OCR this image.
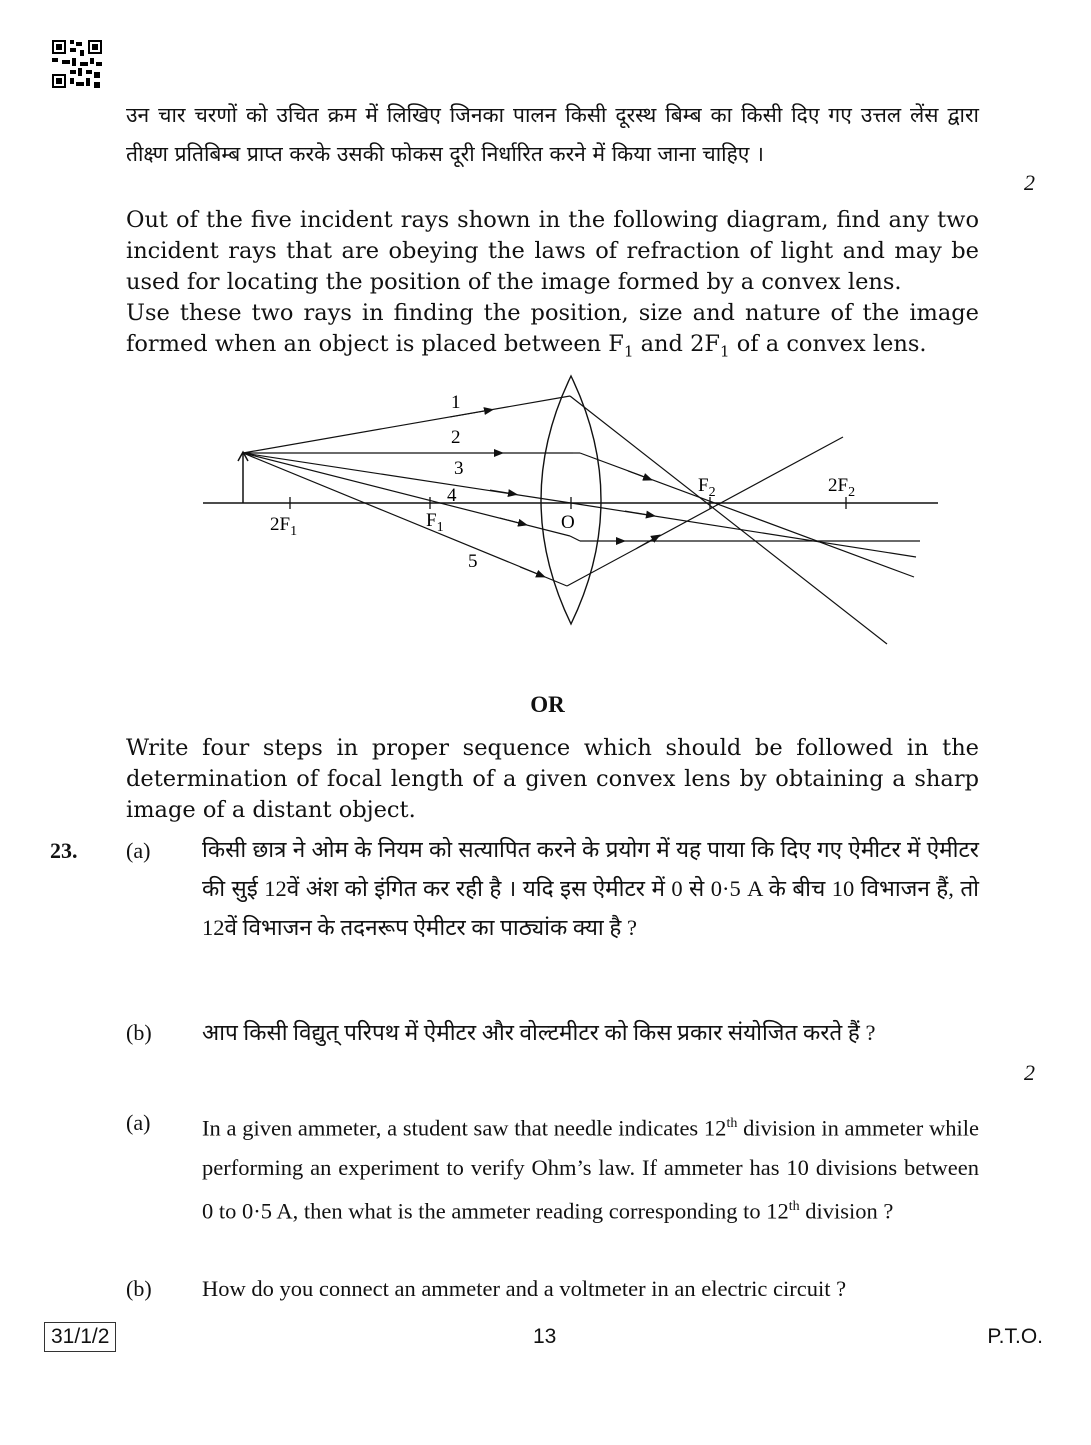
उन चार चरणों को उचित क्रम में लिखिए जिनका पालन किसी दूरस्थ बिम्ब का किसी दिए गए उत्तल लेंस द्वारा तीक्ष्ण प्रतिबिम्ब प्राप्त करके उसकी फोकस दूरी निर्धारित करने में किया जाना चाहिए ।
2
Out of the five incident rays shown in the following diagram, find any two incident rays that are obeying the laws of refraction of light and may be used for locating the position of the image formed by a convex lens.
Use these two rays in finding the position, size and nature of the image formed when an object is placed between $F_1$ and $2F_1$ of a convex lens.
1
2
3
4
5
$2F_1$
$F_1$	O
$F_2$	$2F_2$
OR
Write four steps in proper sequence which should be followed in the determination of focal length of a given convex lens by obtaining a sharp image of a distant object.
23. (a) किसी छात्र ने ओम के नियम को सत्यापित करने के प्रयोग में यह पाया कि दिए गए ऐमीटर में ऐमीटर की सुई 12वें अंश को इंगित कर रही है । यदि इस ऐमीटर में 0 से 0·5 A के बीच 10 विभाजन हैं, तो 12वें विभाजन के तदनरूप ऐमीटर का पाठ्यांक क्या है ?
(b) आप किसी विद्युत् परिपथ में ऐमीटर और वोल्टमीटर को किस प्रकार संयोजित करते हैं ?
2
(a) In a given ammeter, a student saw that needle indicates 12th division in ammeter while performing an experiment to verify Ohm’s law. If ammeter has 10 divisions between 0 to 0·5 A, then what is the ammeter reading corresponding to 12th division ?
(b) How do you connect an ammeter and a voltmeter in an electric circuit ?
31/1/2	13	P.T.O.
